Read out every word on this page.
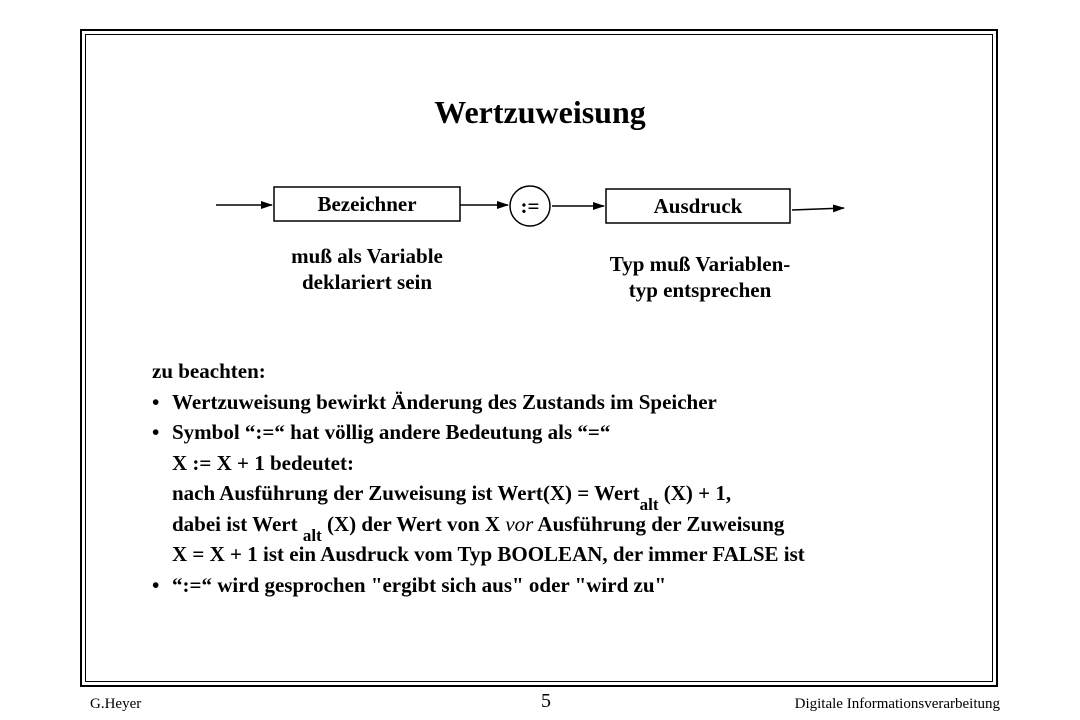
Wertzuweisung
Bezeichner	:=	Ausdruck
muß als Variable
deklariert sein
Typ muß Variablen-
typ entsprechen
zu beachten:
• Wertzuweisung bewirkt Änderung des Zustands im Speicher
• Symbol “:=“ hat völlig andere Bedeutung als “=“
X := X + 1 bedeutet:
nach Ausführung der Zuweisung ist Wert(X) = Wert$_{alt}$ (X) + 1,
dabei ist Wert $_{alt}$ (X) der Wert von X vor Ausführung der Zuweisung
X = X + 1 ist ein Ausdruck vom Typ BOOLEAN, der immer FALSE ist
• “:=“ wird gesprochen "ergibt sich aus" oder "wird zu"
G.Heyer	5	Digitale Informationsverarbeitung
